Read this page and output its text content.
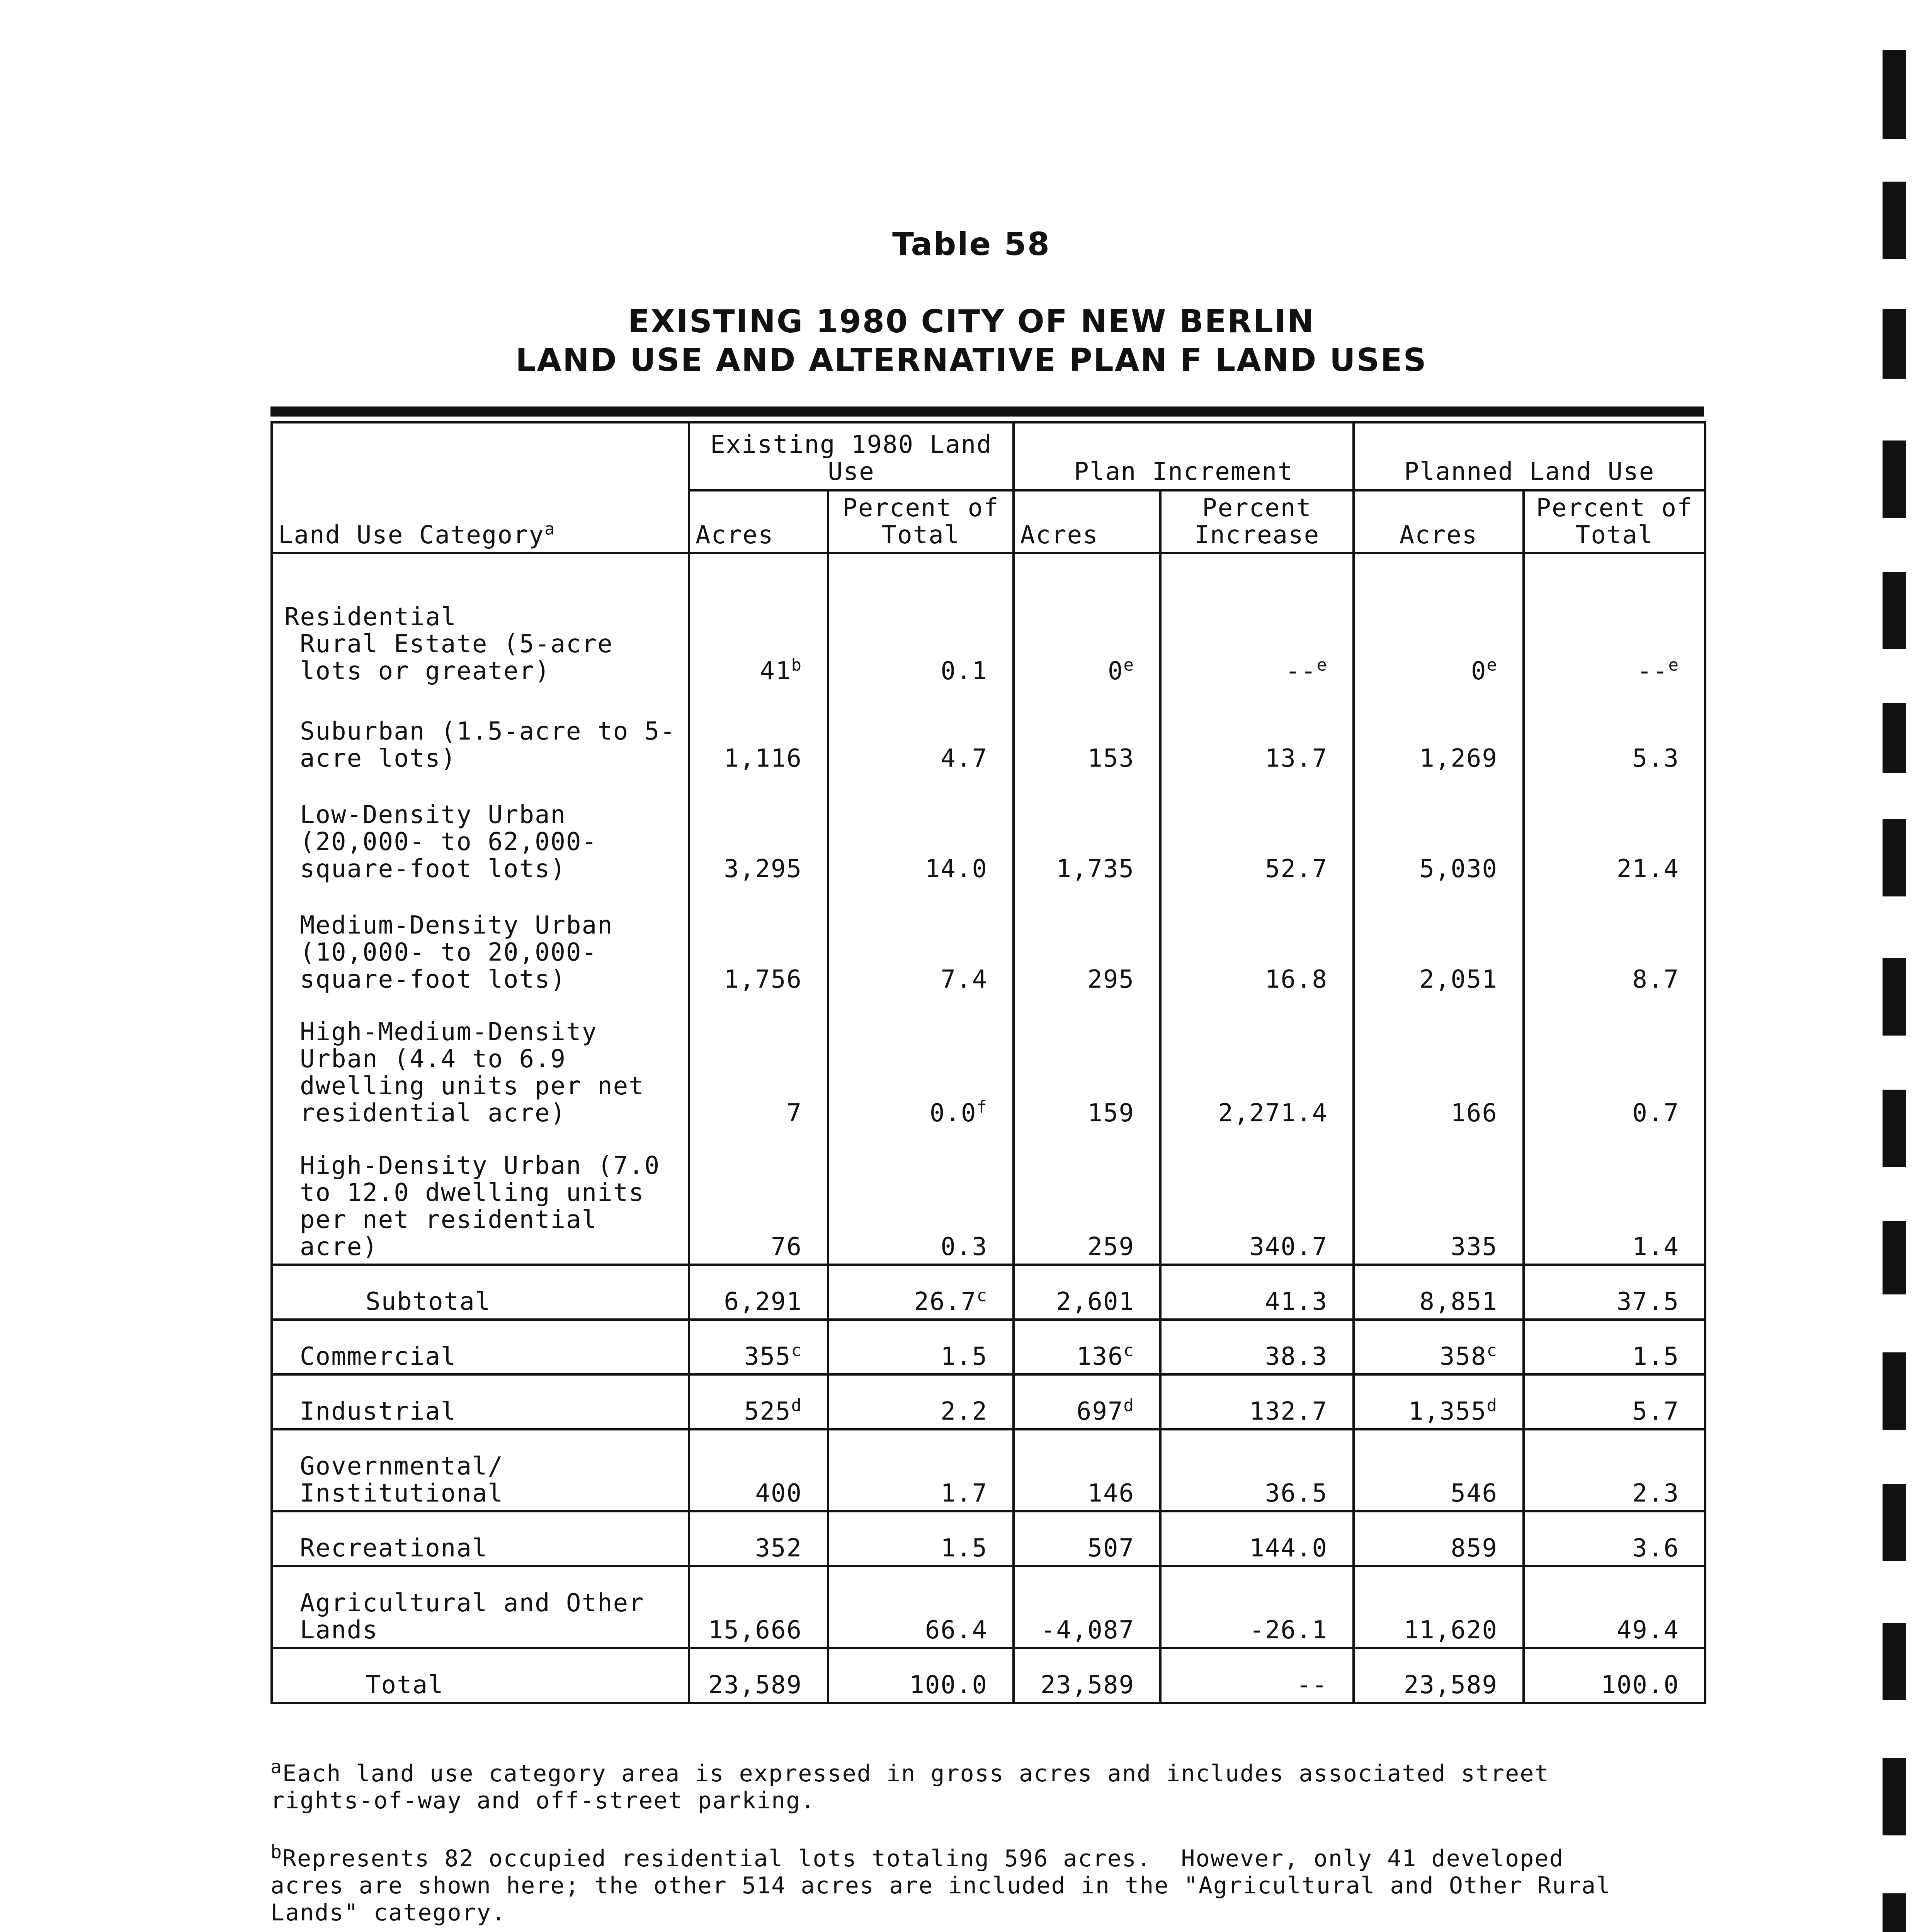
Table 58
EXISTING 1980 CITY OF NEW BERLIN
LAND USE AND ALTERNATIVE PLAN F LAND USES
Land Use Category$^a$	Existing 1980 Land Use		Plan Increment		Planned Land Use	
	Acres	Percent of Total	Acres	Percent Increase	Acres	Percent of Total

Residential
Rural Estate (5-acre lots or greater)	41$^b$	0.1	0e	--$^e$	0e	--$^e$

Suburban (1.5-acre to 5-acre lots)	1,116	4.7	153	13.7	1,269	5.3

Low-Density Urban (20,000- to 62,000- square-foot lots)	3,295	14.0	1,735	52.7	5,030	21.4

Medium-Density Urban (10,000- to 20,000- square-foot lots)	1,756	7.4	295	16.8	2,051	8.7

High-Medium-Density Urban (4.4 to 6.9 dwelling units per net residential acre)	7	0.0$^f$	159	2,271.4	166	0.7

High-Density Urban (7.0 to 12.0 dwelling units per net residential acre)	76	0.3	259	340.7	335	1.4
Subtotal	6,291	26.7$^c$	2,601	41.3	8,851	37.5
Commercial	355$^c$	1.5	136$^c$	38.3	358$^c$	1.5
Industrial	525$^d$	2.2	697$^d$	132.7	1,355$^d$	5.7
Governmental/ Institutional	400	1.7	146	36.5	546	2.3
Recreational	352	1.5	507	144.0	859	3.6
Agricultural and Other Lands	15,666	66.4	-4,087	-26.1	11,620	49.4
Total	23,589	100.0	23,589	--	23,589	100.0
$^a$Each land use category area is expressed in gross acres and includes associated street rights-of-way and off-street parking.
$^b$Represents 82 occupied residential lots totaling 596 acres.  However, only 41 developed acres are shown here; the other 514 acres are included in the "Agricultural and Other Rural Lands" category.
